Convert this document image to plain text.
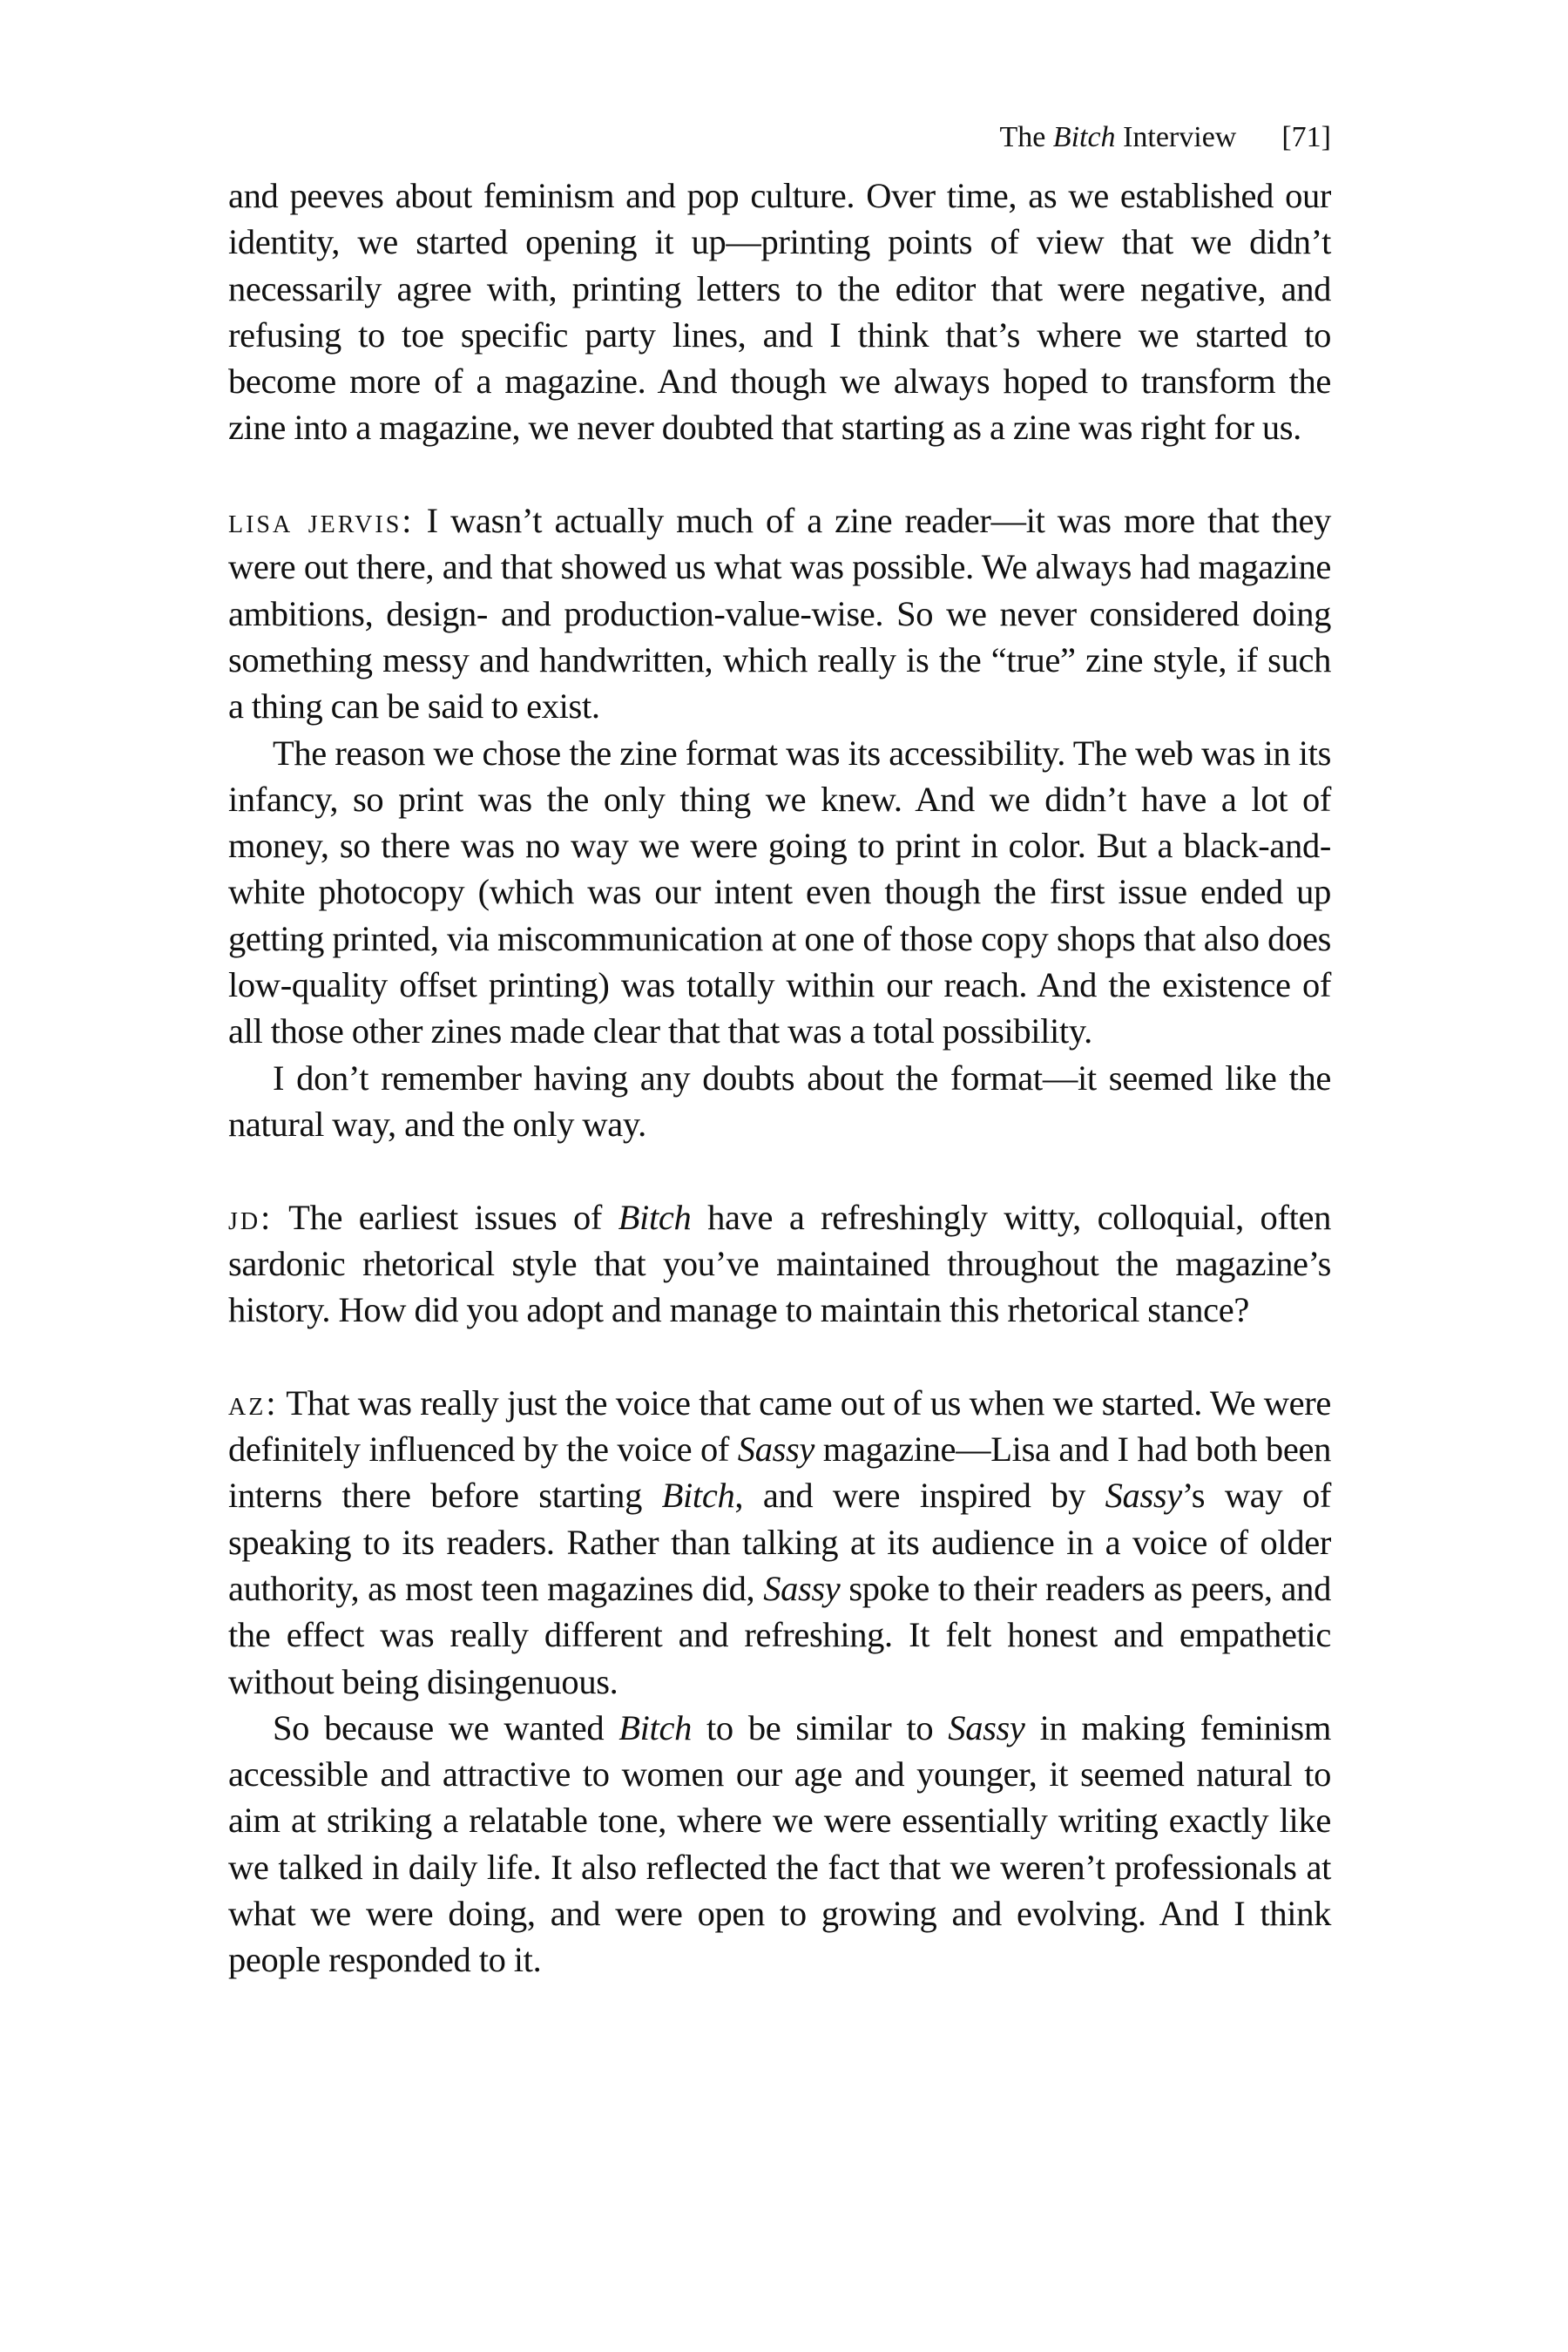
The Bitch Interview [71]

and peeves about feminism and pop culture. Over time, as we established our identity, we started opening it up—printing points of view that we didn’t necessarily agree with, printing letters to the editor that were negative, and refusing to toe specific party lines, and I think that’s where we started to become more of a magazine. And though we always hoped to transform the zine into a magazine, we never doubted that starting as a zine was right for us.

lisa jervis: I wasn’t actually much of a zine reader—it was more that they were out there, and that showed us what was possible. We always had magazine ambitions, design- and production-value-wise. So we never considered doing something messy and handwritten, which really is the “true” zine style, if such a thing can be said to exist.

The reason we chose the zine format was its accessibility. The web was in its infancy, so print was the only thing we knew. And we didn’t have a lot of money, so there was no way we were going to print in color. But a black-and-white photocopy (which was our intent even though the first issue ended up getting printed, via miscommunication at one of those copy shops that also does low-quality offset printing) was totally within our reach. And the existence of all those other zines made clear that that was a total possibility.

I don’t remember having any doubts about the format—it seemed like the natural way, and the only way.

jd: The earliest issues of Bitch have a refreshingly witty, colloquial, often sardonic rhetorical style that you’ve maintained throughout the magazine’s history. How did you adopt and manage to maintain this rhetorical stance?

az: That was really just the voice that came out of us when we started. We were definitely influenced by the voice of Sassy magazine—Lisa and I had both been interns there before starting Bitch, and were inspired by Sassy’s way of speaking to its readers. Rather than talking at its audience in a voice of older authority, as most teen magazines did, Sassy spoke to their readers as peers, and the effect was really different and refreshing. It felt honest and empathetic without being disingenuous.

So because we wanted Bitch to be similar to Sassy in making feminism accessible and attractive to women our age and younger, it seemed natural to aim at striking a relatable tone, where we were essentially writing exactly like we talked in daily life. It also reflected the fact that we weren’t professionals at what we were doing, and were open to growing and evolving. And I think people responded to it.
